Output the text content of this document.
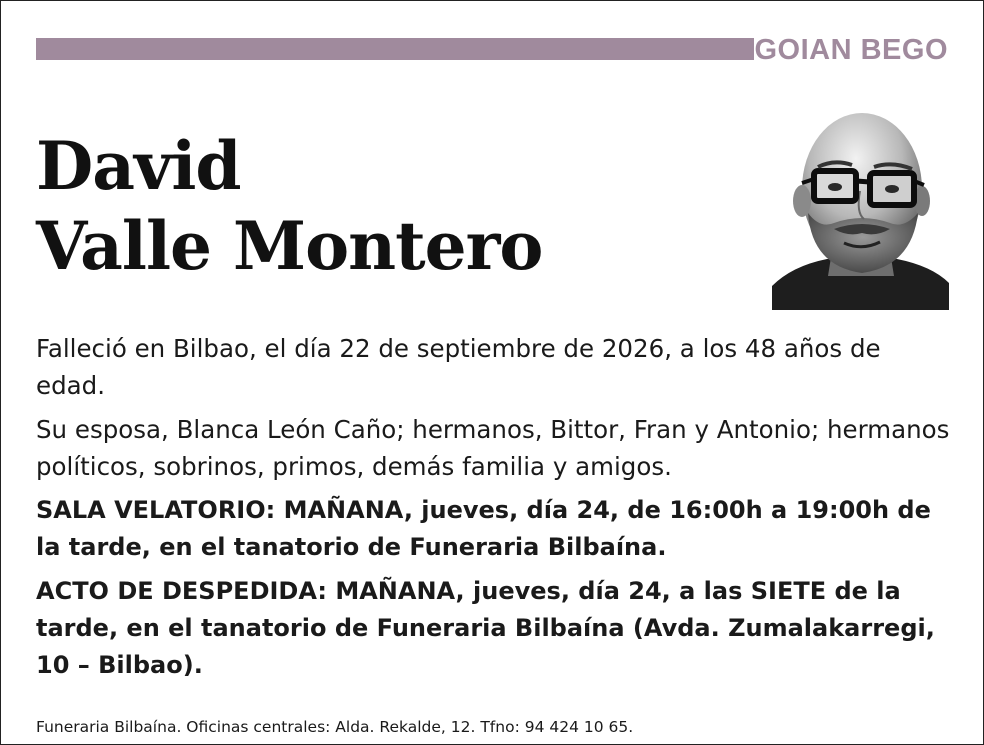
GOIAN BEGO
David
Valle Montero

Falleció en Bilbao, el día 22 de septiembre de 2026, a los 48 años de edad.

Su esposa, Blanca León Caño; hermanos, Bittor, Fran y Antonio; hermanos políticos, sobrinos, primos, demás familia y amigos.

SALA VELATORIO: MAÑANA, jueves, día 24, de 16:00h a 19:00h de la tarde, en el tanatorio de Funeraria Bilbaína.

ACTO DE DESPEDIDA: MAÑANA, jueves, día 24, a las SIETE de la tarde, en el tanatorio de Funeraria Bilbaína (Avda. Zumalakarregi, 10 – Bilbao).

Funeraria Bilbaína. Oficinas centrales: Alda. Rekalde, 12. Tfno: 94 424 10 65.
